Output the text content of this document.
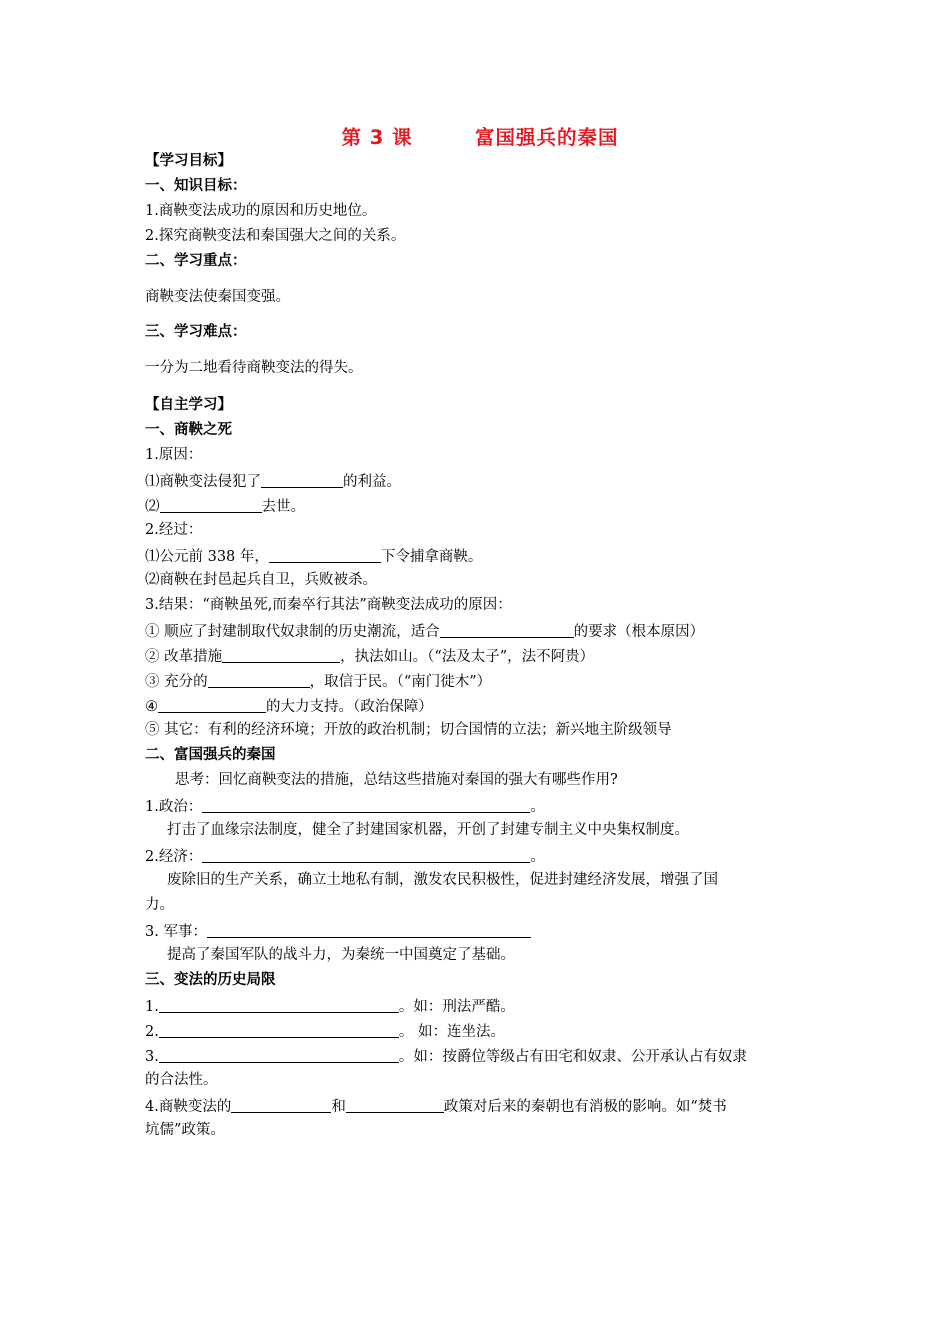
第 3 课        富国强兵的秦国
【学习目标】
一、知识目标：
1.商鞅变法成功的原因和历史地位。
2.探究商鞅变法和秦国强大之间的关系。
二、学习重点：
商鞅变法使秦国变强。
三、学习难点：
一分为二地看待商鞅变法的得失。
【自主学习】
一、商鞅之死
1.原因：
⑴商鞅变法侵犯了	的利益。
⑵	去世。
2.经过：
⑴公元前 338 年，	下令捕拿商鞅。
⑵商鞅在封邑起兵自卫，兵败被杀。
3.结果：“商鞅虽死,而秦卒行其法”商鞅变法成功的原因：
① 顺应了封建制取代奴隶制的历史潮流，适合	的要求（根本原因）
② 改革措施	，执法如山。（“法及太子”，法不阿贵）
③ 充分的	，取信于民。（“南门徙木”）
④	的大力支持。（政治保障）
⑤ 其它：有利的经济环境；开放的政治机制；切合国情的立法；新兴地主阶级领导
二、富国强兵的秦国
思考：回忆商鞅变法的措施，总结这些措施对秦国的强大有哪些作用?
1.政治：	。
打击了血缘宗法制度，健全了封建国家机器，开创了封建专制主义中央集权制度。
2.经济：	。
废除旧的生产关系，确立土地私有制，激发农民积极性，促进封建经济发展，增强了国
力。
3. 军事：
提高了秦国军队的战斗力，为秦统一中国奠定了基础。
三、变法的历史局限
1.	。如：刑法严酷。
2.	。 如：连坐法。
3.	。如：按爵位等级占有田宅和奴隶、公开承认占有奴隶
的合法性。
4.商鞅变法的	和	政策对后来的秦朝也有消极的影响。如“焚书
坑儒”政策。
